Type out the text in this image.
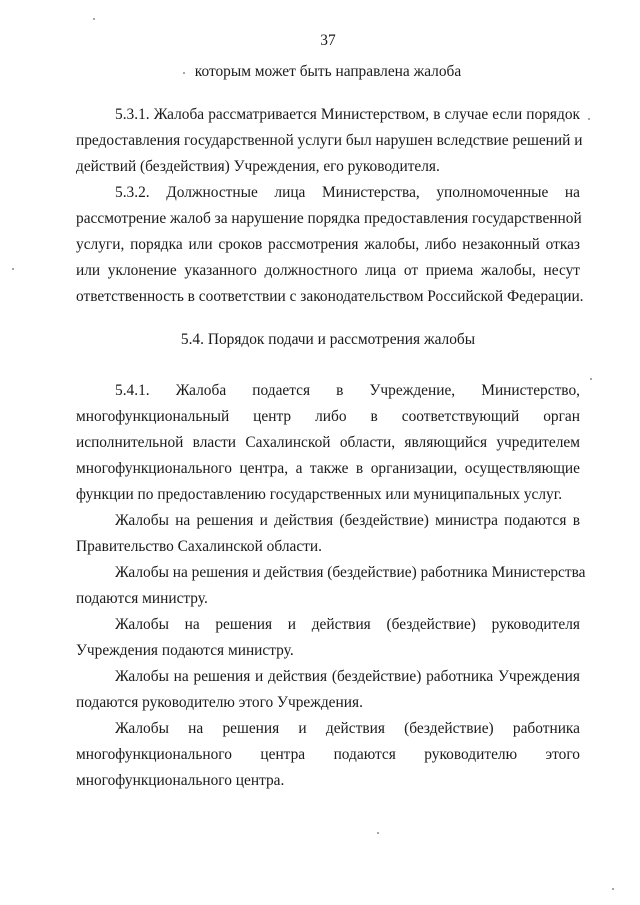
37
которым может быть направлена жалоба
5.3.1. Жалоба рассматривается Министерством, в случае если порядок
предоставления государственной услуги был нарушен вследствие решений и
действий (бездействия) Учреждения, его руководителя.
5.3.2. Должностные лица Министерства, уполномоченные на
рассмотрение жалоб за нарушение порядка предоставления государственной
услуги, порядка или сроков рассмотрения жалобы, либо незаконный отказ
или уклонение указанного должностного лица от приема жалобы, несут
ответственность в соответствии с законодательством Российской Федерации.
5.4. Порядок подачи и рассмотрения жалобы
5.4.1. Жалоба подается в Учреждение, Министерство,
многофункциональный центр либо в соответствующий орган
исполнительной власти Сахалинской области, являющийся учредителем
многофункционального центра, а также в организации, осуществляющие
функции по предоставлению государственных или муниципальных услуг.
Жалобы на решения и действия (бездействие) министра подаются в
Правительство Сахалинской области.
Жалобы на решения и действия (бездействие) работника Министерства
подаются министру.
Жалобы на решения и действия (бездействие) руководителя
Учреждения подаются министру.
Жалобы на решения и действия (бездействие) работника Учреждения
подаются руководителю этого Учреждения.
Жалобы на решения и действия (бездействие) работника
многофункционального центра подаются руководителю этого
многофункционального центра.
